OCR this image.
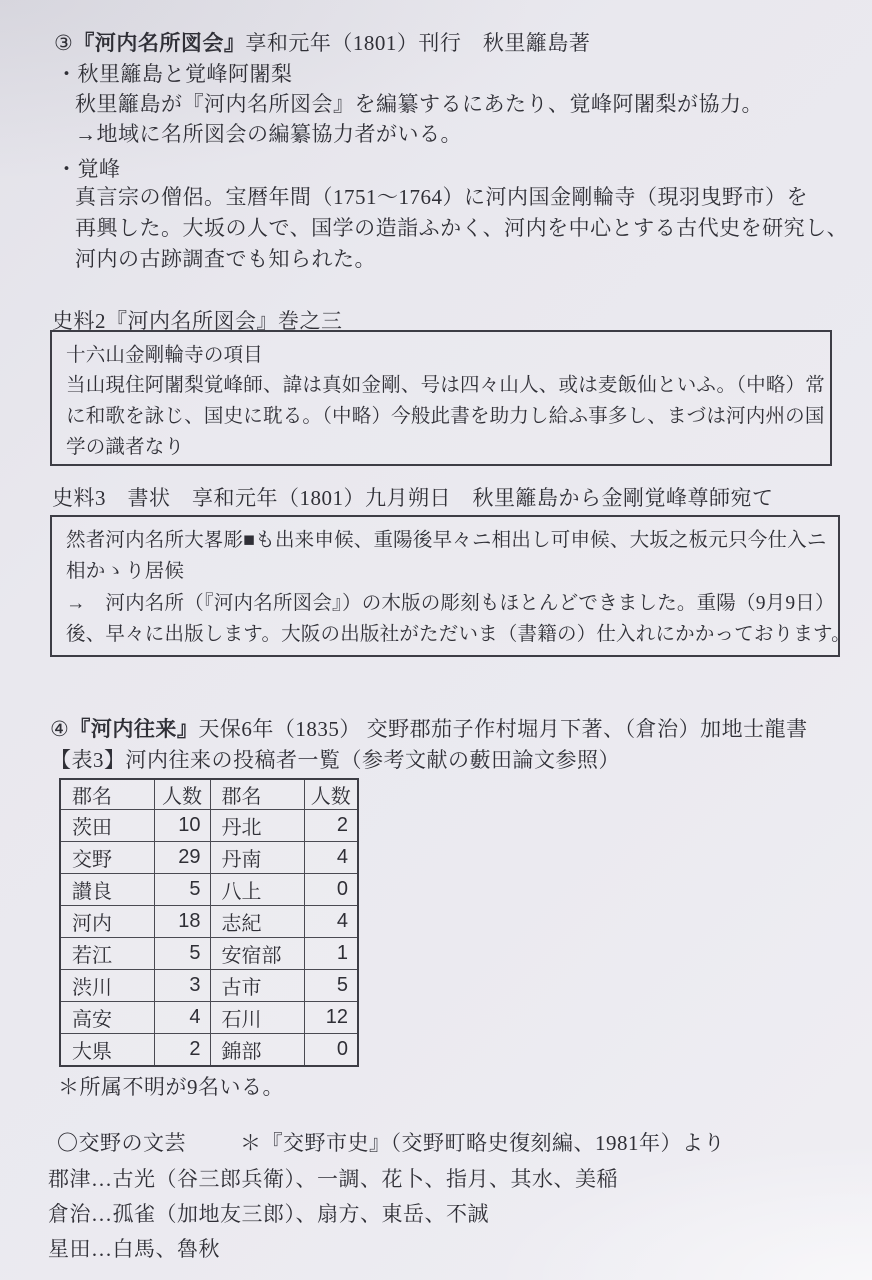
③『河内名所図会』享和元年（1801）刊行　秋里籬島著
・秋里籬島と覚峰阿闍梨
秋里籬島が『河内名所図会』を編纂するにあたり、覚峰阿闍梨が協力。
→地域に名所図会の編纂協力者がいる。
・覚峰
真言宗の僧侶。宝暦年間（1751～1764）に河内国金剛輪寺（現羽曳野市）を
再興した。大坂の人で、国学の造詣ふかく、河内を中心とする古代史を研究し、
河内の古跡調査でも知られた。
史料2『河内名所図会』巻之三
十六山金剛輪寺の項目
当山現住阿闍梨覚峰師、諱は真如金剛、号は四々山人、或は麦飯仙といふ。（中略）常
に和歌を詠じ、国史に耽る。（中略）今般此書を助力し給ふ事多し、まづは河内州の国
学の識者なり
史料3　書状　享和元年（1801）九月朔日　秋里籬島から金剛覚峰尊師宛て
然者河内名所大畧彫■も出来申候、重陽後早々ニ相出し可申候、大坂之板元只今仕入ニ
相かゝり居候
→　河内名所（『河内名所図会』）の木版の彫刻もほとんどできました。重陽（9月9日）
後、早々に出版します。大阪の出版社がただいま（書籍の）仕入れにかかっております。
④『河内往来』天保6年（1835） 交野郡茄子作村堀月下著、（倉治）加地士龍書
【表3】河内往来の投稿者一覧（参考文献の藪田論文参照）
郡名	人数	郡名	人数
茨田	10	丹北	2
交野	29	丹南	4
讃良	5	八上	0
河内	18	志紀	4
若江	5	安宿部	1
渋川	3	古市	5
高安	4	石川	12
大県	2	錦部	0
＊所属不明が9名いる。
〇交野の文芸	＊『交野市史』（交野町略史復刻編、1981年）より
郡津…古光（谷三郎兵衛）、一調、花卜、指月、其水、美稲
倉治…孤雀（加地友三郎）、扇方、東岳、不誠
星田…白馬、魯秋
